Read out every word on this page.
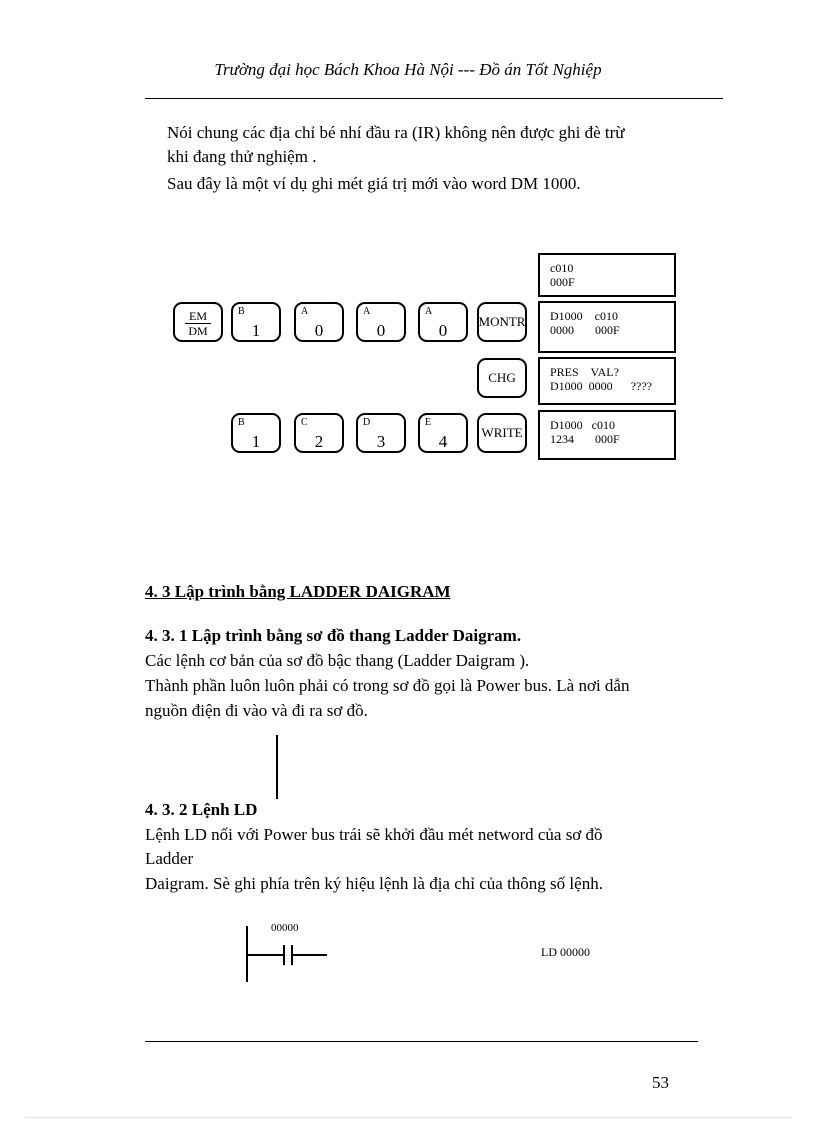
Trường đại học Bách Khoa Hà Nội --- Đồ án Tốt Nghiệp
Nói chung các địa chỉ bé nhí đầu ra (IR) không nên được ghi đè trừ
khi đang thử nghiệm .
Sau đây là một ví dụ ghi mét giá trị mới vào word DM 1000.
EM
DM
B
1
A
0
A
0
A
0	MONTR
CHG
B
1
C
2
D
3
E
4	WRITE
c010
000F
D1000    c010
0000       000F
PRES    VAL?
D1000  0000      ????
D1000   c010
1234       000F
4. 3 Lập trình bằng LADDER DAIGRAM
4. 3. 1 Lập trình bằng sơ đồ thang Ladder Daigram.
Các lệnh cơ bản của sơ đồ bậc thang (Ladder Daigram ).
Thành phần luôn luôn phải có trong sơ đồ gọi là Power bus. Là nơi dẫn
nguồn điện đi vào và đi ra sơ đồ.
4. 3. 2 Lệnh LD
Lệnh LD nối với Power bus trái sẽ khởi đầu mét netword của sơ đồ
Ladder
Daigram. Sè ghi phía trên ký hiệu lệnh là địa chỉ của thông số lệnh.
00000
LD 00000
53
